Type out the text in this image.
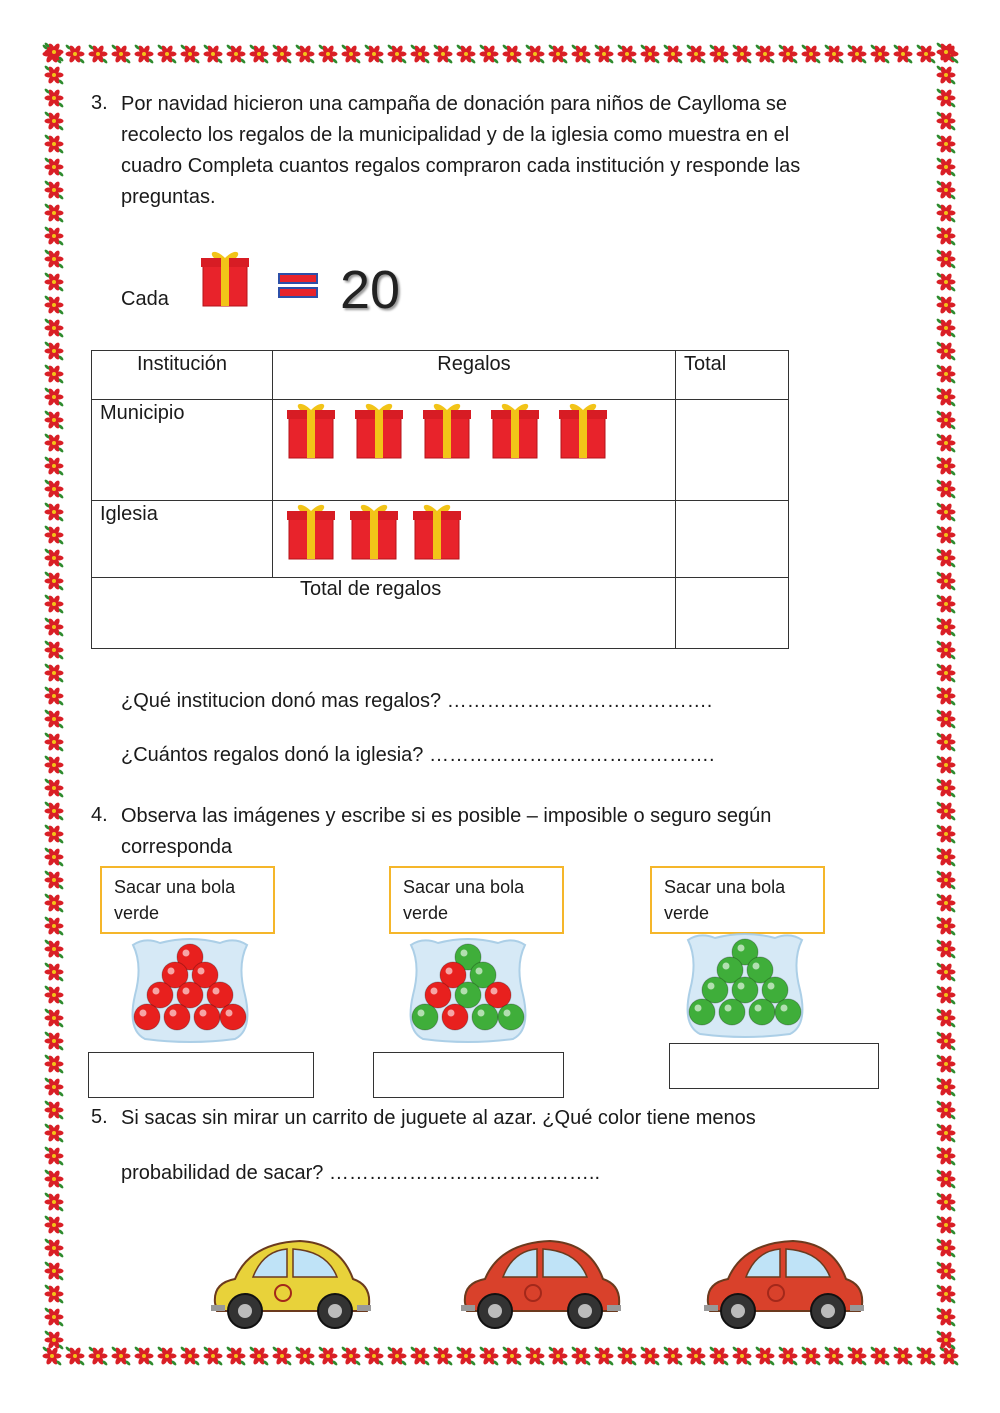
3. Por navidad hicieron una campaña de donación para niños de Caylloma se
recolecto los regalos de la municipalidad y de la iglesia como muestra en el
cuadro Completa cuantos regalos compraron cada institución y responde las
preguntas.
Cada	20
Institución	Regalos	Total
Municipio		
Iglesia		
Total de regalos		
¿Qué institucion donó mas regalos? ………………………………….
¿Cuántos regalos donó la iglesia? …………………………………….
4. Observa las imágenes y escribe si es posible – imposible o seguro según
corresponda
Sacar una bola
verde
Sacar una bola
verde
Sacar una bola
verde
5. Si sacas sin mirar un carrito de juguete al azar. ¿Qué color tiene menos
probabilidad de sacar? …………………………………..
